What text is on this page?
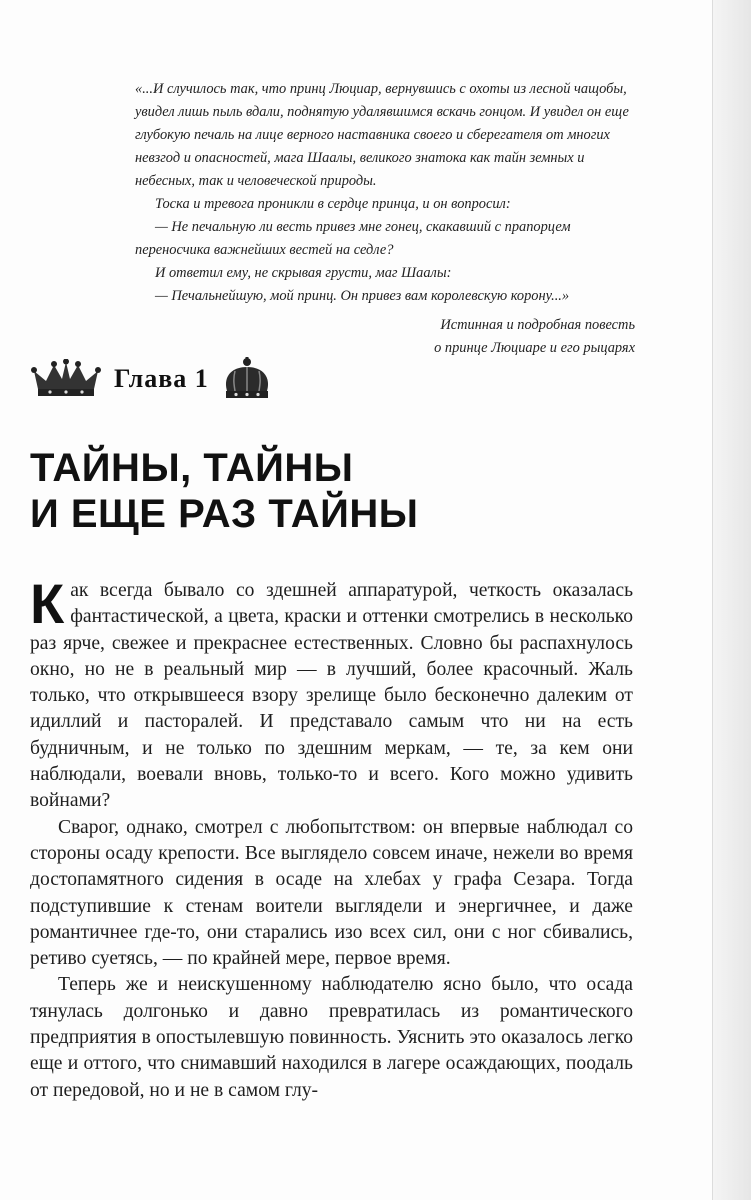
«...И случилось так, что принц Люциар, вернувшись с охоты из лесной чащобы, увидел лишь пыль вдали, поднятую удалявшимся вскачь гонцом. И увидел он еще глубокую печаль на лице верного наставника своего и сберегателя от многих невзгод и опасностей, мага Шаалы, великого знатока как тайн земных и небесных, так и человеческой природы.

Тоска и тревога проникли в сердце принца, и он вопросил:

— Не печальную ли весть привез мне гонец, скакавший с прапорцем переносчика важнейших вестей на седле?

И ответил ему, не скрывая грусти, маг Шаалы:

— Печальнейшую, мой принц. Он привез вам королевскую корону...»

Истинная и подробная повесть
о принце Люциаре и его рыцарях

Глава 1
ТАЙНЫ, ТАЙНЫ
И ЕЩЕ РАЗ ТАЙНЫ

Как всегда бывало со здешней аппаратурой, четкость оказалась фантастической, а цвета, краски и оттенки смотрелись в несколько раз ярче, свежее и прекраснее естественных. Словно бы распахнулось окно, но не в реальный мир — в лучший, более красочный. Жаль только, что открывшееся взору зрелище было бесконечно далеким от идиллий и пасторалей. И представало самым что ни на есть будничным, и не только по здешним меркам, — те, за кем они наблюдали, воевали вновь, только-то и всего. Кого можно удивить войнами?

Сварог, однако, смотрел с любопытством: он впервые наблюдал со стороны осаду крепости. Все выглядело совсем иначе, нежели во время достопамятного сидения в осаде на хлебах у графа Сезара. Тогда подступившие к стенам воители выглядели и энергичнее, и даже романтичнее где-то, они старались изо всех сил, они с ног сбивались, ретиво суетясь, — по крайней мере, первое время.

Теперь же и неискушенному наблюдателю ясно было, что осада тянулась долгонько и давно превратилась из романтического предприятия в опостылевшую повинность. Уяснить это оказалось легко еще и оттого, что снимавший находился в лагере осаждающих, поодаль от передовой, но и не в самом глу-
